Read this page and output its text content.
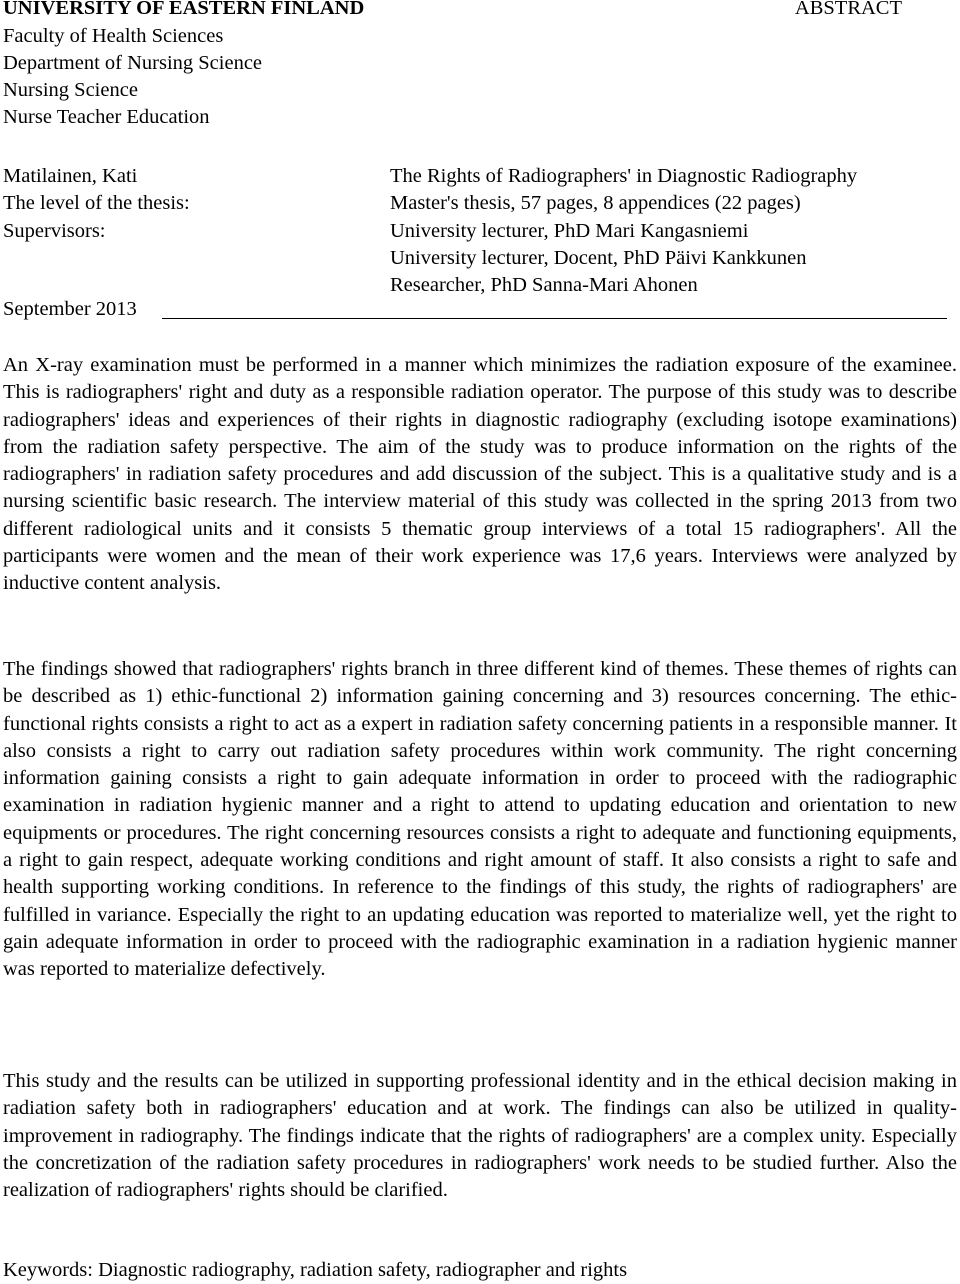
UNIVERSITY OF EASTERN FINLAND	ABSTRACT
Faculty of Health Sciences
Department of Nursing Science
Nursing Science
Nurse Teacher Education
Matilainen, Kati
The level of the thesis:
Supervisors:
The Rights of Radiographers' in Diagnostic Radiography
Master's thesis, 57 pages, 8 appendices (22 pages)
University lecturer, PhD Mari Kangasniemi
University lecturer, Docent, PhD Päivi Kankkunen
Researcher, PhD Sanna-Mari Ahonen
September 2013

An X-ray examination must be performed in a manner which minimizes the radiation exposure of the examinee. This is radiographers' right and duty as a responsible radiation operator. The purpose of this study was to describe radiographers' ideas and experiences of their rights in diagnostic radiography (excluding isotope examinations) from the radiation safety perspective. The aim of the study was to produce information on the rights of the radiographers' in radiation safety procedures and add discussion of the subject. This is a qualitative study and is a nursing scientific basic research. The interview material of this study was collected in the spring 2013 from two different radiological units and it consists 5 thematic group interviews of a total 15 radiographers'. All the participants were women and the mean of their work experience was 17,6 years. Interviews were analyzed by inductive content analysis.

The findings showed that radiographers' rights branch in three different kind of themes. These themes of rights can be described as 1) ethic-functional 2) information gaining concerning and 3) resources concerning. The ethic-functional rights consists a right to act as a expert in radiation safety concerning patients in a responsible manner. It also consists a right to carry out radiation safety procedures within work community. The right concerning information gaining consists a right to gain adequate information in order to proceed with the radiographic examination in radiation hygienic manner and a right to attend to updating education and orientation to new equipments or procedures. The right concerning resources consists a right to adequate and functioning equipments, a right to gain respect, adequate working conditions and right amount of staff. It also consists a right to safe and health supporting working conditions. In reference to the findings of this study, the rights of radiographers' are fulfilled in variance. Especially the right to an updating education was reported to materialize well, yet the right to gain adequate information in order to proceed with the radiographic examination in a radiation hygienic manner was reported to materialize defectively.

This study and the results can be utilized in supporting professional identity and in the ethical decision making in radiation safety both in radiographers' education and at work. The findings can also be utilized in quality-improvement in radiography. The findings indicate that the rights of radiographers' are a complex unity. Especially the concretization of the radiation safety procedures in radiographers' work needs to be studied further. Also the realization of radiographers' rights should be clarified.

Keywords: Diagnostic radiography, radiation safety, radiographer and rights
